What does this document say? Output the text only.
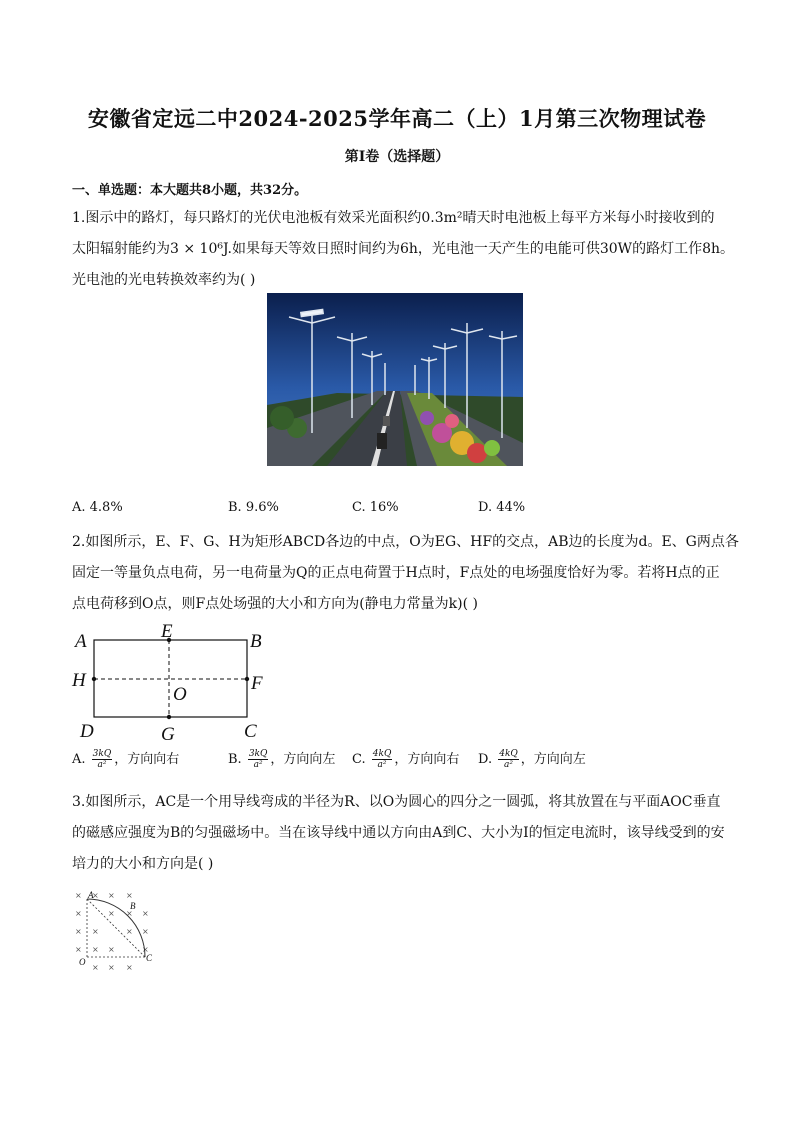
安徽省定远二中2024-2025学年高二（上）1月第三次物理试卷
第I卷（选择题）
一、单选题：本大题共8小题，共32分。
1.图示中的路灯，每只路灯的光伏电池板有效采光面积约0.3m²晴天时电池板上每平方米每小时接收到的
太阳辐射能约为3 × 10⁶J.如果每天等效日照时间约为6h，光电池一天产生的电能可供30W的路灯工作8h。
光电池的光电转换效率约为( )
A. 4.8%	B. 9.6%	C. 16%	D. 44%
2.如图所示，E、F、G、H为矩形ABCD各边的中点，O为EG、HF的交点，AB边的长度为d。E、G两点各
固定一等量负点电荷，另一电荷量为Q的正点电荷置于H点时，F点处的电场强度恰好为零。若将H点的正
点电荷移到O点，则F点处场强的大小和方向为(静电力常量为k)( )
A	B
C
D
E
F
G
H
O
A. $\frac{3kQ}{\text{a²}}$ ，方向向右	B. $\frac{3kQ}{\text{a²}}$ ，方向向左 C. $\frac{4kQ}{\text{a²}}$ ，方向向右 D. $\frac{4kQ}{\text{a²}}$ ，方向向左
3.如图所示，AC是一个用导线弯成的半径为R、以O为圆心的四分之一圆弧，将其放置在与平面AOC垂直
的磁感应强度为B的匀强磁场中。当在该导线中通以方向由A到C、大小为I的恒定电流时，该导线受到的安
培力的大小和方向是( )
× × × ×
×	× × ×
× ×	× ×
× × ×	×
× × ×
A
B
C
O
